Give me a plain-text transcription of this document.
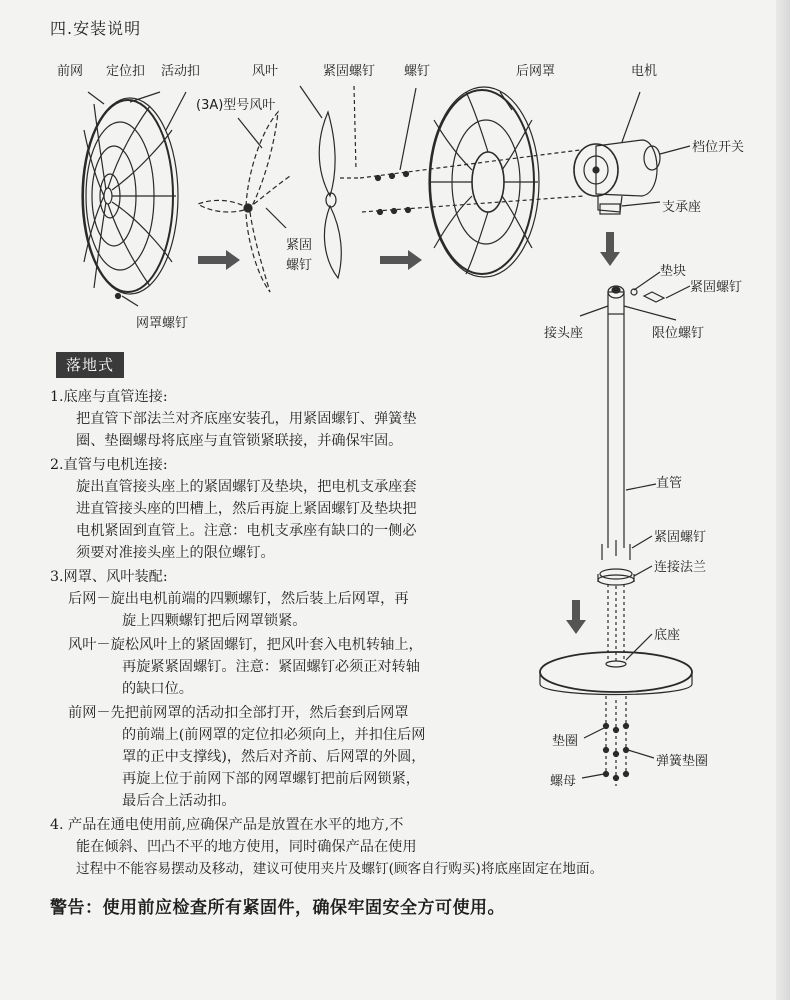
四.安装说明
前网 定位扣 活动扣	风叶
(3A)型号风叶
紧固螺钉 螺钉	后网罩	电机
档位开关
支承座
紧固
螺钉
网罩螺钉
垫块
紧固螺钉
接头座	限位螺钉
直管
紧固螺钉
连接法兰
底座
垫圈
弹簧垫圈
螺母
落地式
1.底座与直管连接:
把直管下部法兰对齐底座安装孔，用紧固螺钉、弹簧垫
圈、垫圈螺母将底座与直管锁紧联接，并确保牢固。
2.直管与电机连接:
旋出直管接头座上的紧固螺钉及垫块，把电机支承座套
进直管接头座的凹槽上，然后再旋上紧固螺钉及垫块把
电机紧固到直管上。注意：电机支承座有缺口的一侧必
须要对准接头座上的限位螺钉。
3.网罩、风叶装配:
后网－旋出电机前端的四颗螺钉，然后装上后网罩，再
旋上四颗螺钉把后网罩锁紧。
风叶－旋松风叶上的紧固螺钉，把风叶套入电机转轴上，
再旋紧紧固螺钉。注意：紧固螺钉必须正对转轴
的缺口位。
前网－先把前网罩的活动扣全部打开，然后套到后网罩
的前端上(前网罩的定位扣必须向上，并扣住后网
罩的正中支撑线)，然后对齐前、后网罩的外圆，
再旋上位于前网下部的网罩螺钉把前后网锁紧，
最后合上活动扣。
4. 产品在通电使用前,应确保产品是放置在水平的地方,不
能在倾斜、凹凸不平的地方使用，同时确保产品在使用
过程中不能容易摆动及移动，建议可使用夹片及螺钉(顾客自行购买)将底座固定在地面。
警告：使用前应检查所有紧固件，确保牢固安全方可使用。
